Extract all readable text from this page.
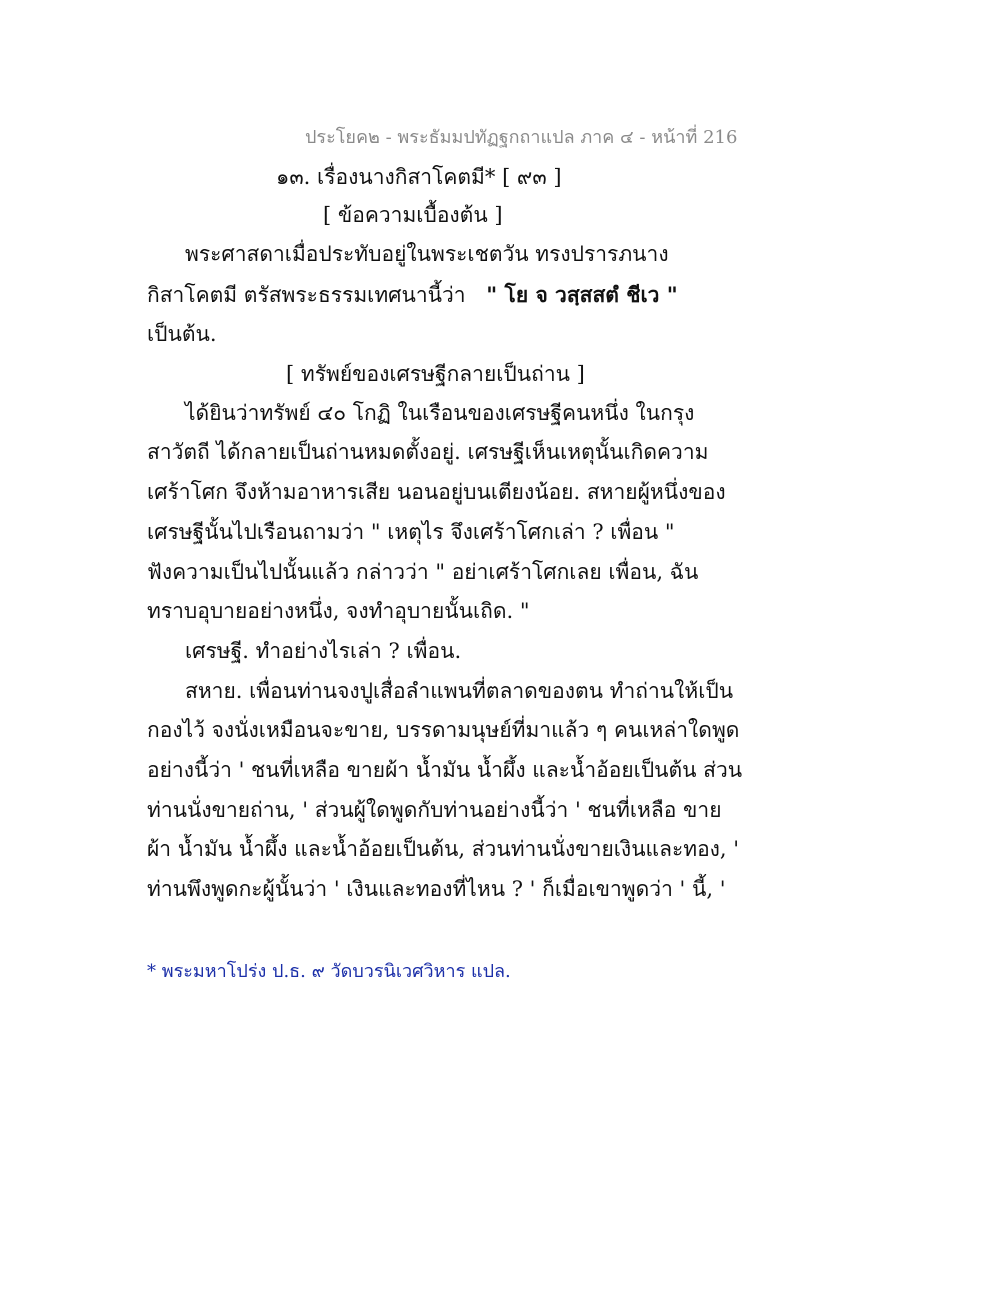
ประโยค๒ - พระธัมมปทัฏฐกถาแปล ภาค ๔ - หน้าที่ 216
๑๓. เรื่องนางกิสาโคตมี* [ ๙๓ ]
[ ข้อความเบื้องต้น ]
พระศาสดาเมื่อประทับอยู่ในพระเชตวัน ทรงปรารภนาง
กิสาโคตมี ตรัสพระธรรมเทศนานี้ว่า " โย จ วสฺสสตํ ชีเว "
เป็นต้น.
[ ทรัพย์ของเศรษฐีกลายเป็นถ่าน ]
ได้ยินว่าทรัพย์ ๔๐ โกฏิ ในเรือนของเศรษฐีคนหนึ่ง ในกรุง
สาวัตถี ได้กลายเป็นถ่านหมดตั้งอยู่. เศรษฐีเห็นเหตุนั้นเกิดความ
เศร้าโศก จึงห้ามอาหารเสีย นอนอยู่บนเตียงน้อย. สหายผู้หนึ่งของ
เศรษฐีนั้นไปเรือนถามว่า " เหตุไร จึงเศร้าโศกเล่า ? เพื่อน "
ฟังความเป็นไปนั้นแล้ว กล่าวว่า " อย่าเศร้าโศกเลย เพื่อน, ฉัน
ทราบอุบายอย่างหนึ่ง, จงทำอุบายนั้นเถิด. "
เศรษฐี. ทำอย่างไรเล่า ? เพื่อน.
สหาย. เพื่อนท่านจงปูเสื่อลำแพนที่ตลาดของตน ทำถ่านให้เป็น
กองไว้ จงนั่งเหมือนจะขาย, บรรดามนุษย์ที่มาแล้ว ๆ คนเหล่าใดพูด
อย่างนี้ว่า ' ชนที่เหลือ ขายผ้า น้ำมัน น้ำผึ้ง และน้ำอ้อยเป็นต้น ส่วน
ท่านนั่งขายถ่าน, ' ส่วนผู้ใดพูดกับท่านอย่างนี้ว่า ' ชนที่เหลือ ขาย
ผ้า น้ำมัน น้ำผึ้ง และน้ำอ้อยเป็นต้น, ส่วนท่านนั่งขายเงินและทอง, '
ท่านพึงพูดกะผู้นั้นว่า ' เงินและทองที่ไหน ? ' ก็เมื่อเขาพูดว่า ' นี้, '
* พระมหาโปร่ง ป.ธ. ๙ วัดบวรนิเวศวิหาร แปล.
